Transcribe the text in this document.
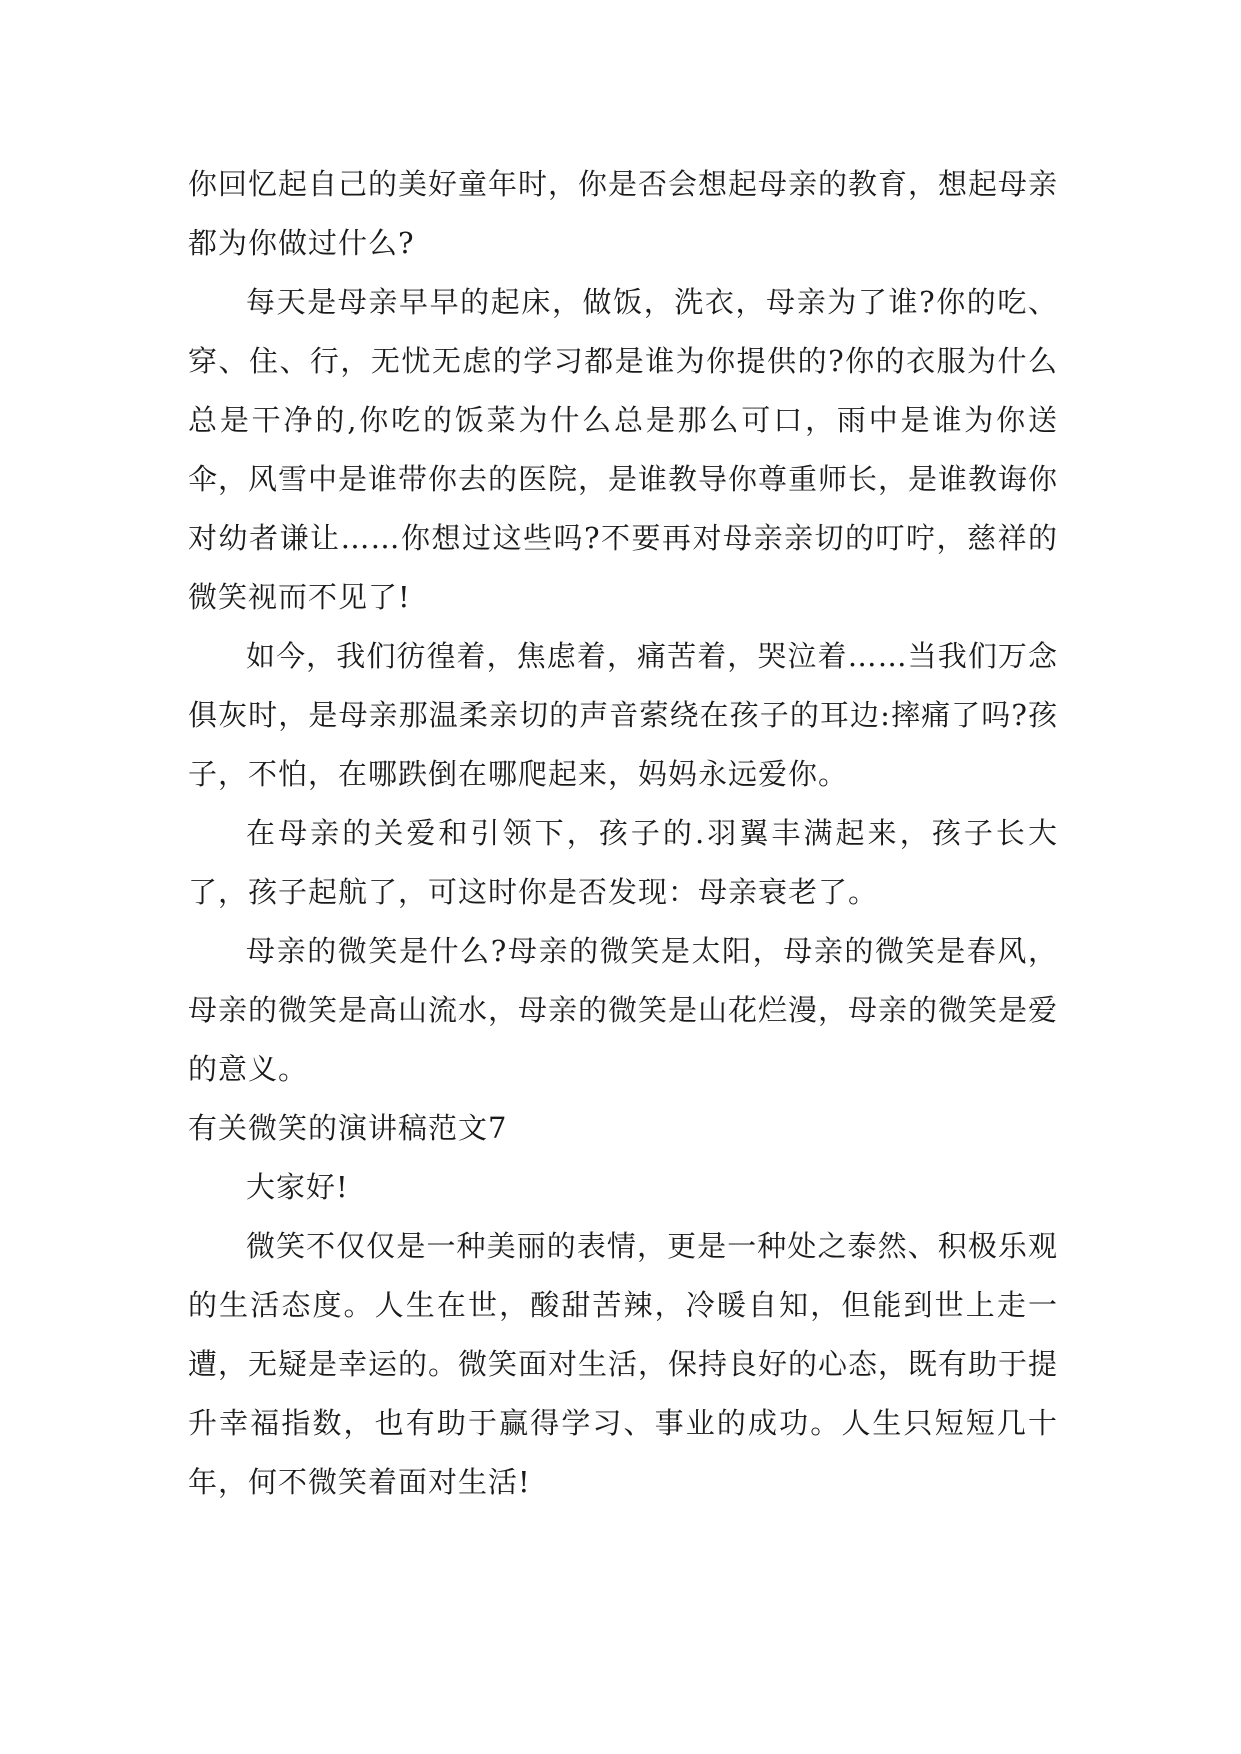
你回忆起自己的美好童年时，你是否会想起母亲的教育，想起母亲都为你做过什么?

每天是母亲早早的起床，做饭，洗衣，母亲为了谁?你的吃、穿、住、行，无忧无虑的学习都是谁为你提供的?你的衣服为什么总是干净的,你吃的饭菜为什么总是那么可口，雨中是谁为你送伞，风雪中是谁带你去的医院，是谁教导你尊重师长，是谁教诲你对幼者谦让……你想过这些吗?不要再对母亲亲切的叮咛，慈祥的微笑视而不见了!

如今，我们彷徨着，焦虑着，痛苦着，哭泣着……当我们万念俱灰时，是母亲那温柔亲切的声音萦绕在孩子的耳边:摔痛了吗?孩子，不怕，在哪跌倒在哪爬起来，妈妈永远爱你。

在母亲的关爱和引领下，孩子的.羽翼丰满起来，孩子长大了，孩子起航了，可这时你是否发现：母亲衰老了。

母亲的微笑是什么?母亲的微笑是太阳，母亲的微笑是春风，母亲的微笑是高山流水，母亲的微笑是山花烂漫，母亲的微笑是爱的意义。

有关微笑的演讲稿范文7

大家好!

微笑不仅仅是一种美丽的表情，更是一种处之泰然、积极乐观的生活态度。人生在世，酸甜苦辣，冷暖自知，但能到世上走一遭，无疑是幸运的。微笑面对生活，保持良好的心态，既有助于提升幸福指数，也有助于赢得学习、事业的成功。人生只短短几十年，何不微笑着面对生活!
